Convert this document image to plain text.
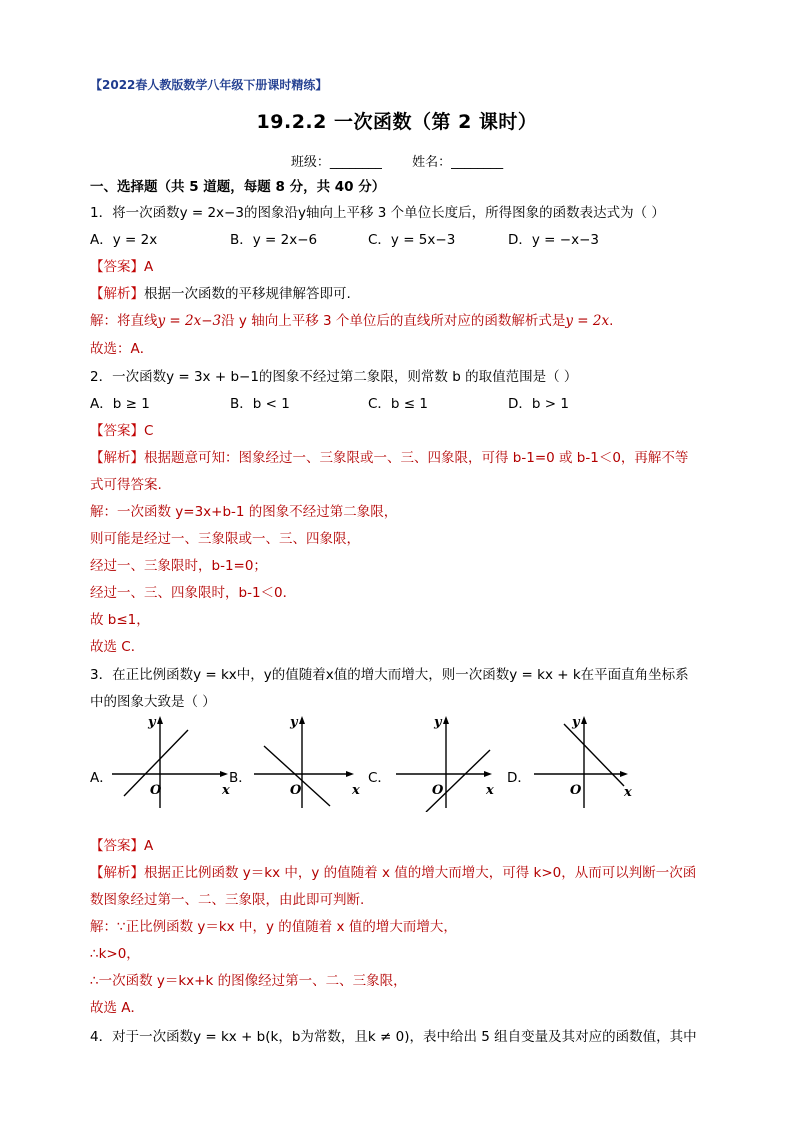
【2022春人教版数学八年级下册课时精练】
19.2.2 一次函数（第 2 课时）
班级：________ 姓名：________
一、选择题（共 5 道题，每题 8 分，共 40 分）
1．将一次函数y = 2x−3的图象沿y轴向上平移 3 个单位长度后，所得图象的函数表达式为（ ）
A．y = 2x	B．y = 2x−6	C．y = 5x−3	D．y = −x−3
【答案】A
【解析】根据一次函数的平移规律解答即可.
解：将直线y = 2x−3沿 y 轴向上平移 3 个单位后的直线所对应的函数解析式是y = 2x.
故选：A．
2．一次函数y = 3x + b−1的图象不经过第二象限，则常数 b 的取值范围是（ ）
A．b ≥ 1	B．b < 1	C．b ≤ 1	D．b > 1
【答案】C
【解析】根据题意可知：图象经过一、三象限或一、三、四象限，可得 b-1=0 或 b-1＜0，再解不等
式可得答案.
解：一次函数 y=3x+b-1 的图象不经过第二象限，
则可能是经过一、三象限或一、三、四象限，
经过一、三象限时，b-1=0；
经过一、三、四象限时，b-1＜0．
故 b≤1，
故选 C．
3．在正比例函数y = kx中，y的值随着x值的增大而增大，则一次函数y = kx + k在平面直角坐标系
中的图象大致是（ ）
A．	B．	C．	D．
y
x
O
y
x
O
y
x
O
y
x
O
【答案】A
【解析】根据正比例函数 y＝kx 中，y 的值随着 x 值的增大而增大，可得 k>0，从而可以判断一次函
数图象经过第一、二、三象限，由此即可判断.
解：∵正比例函数 y＝kx 中，y 的值随着 x 值的增大而增大，
∴k>0，
∴一次函数 y＝kx+k 的图像经过第一、二、三象限，
故选 A．
4．对于一次函数y = kx + b(k，b为常数，且k ≠ 0)，表中给出 5 组自变量及其对应的函数值，其中
